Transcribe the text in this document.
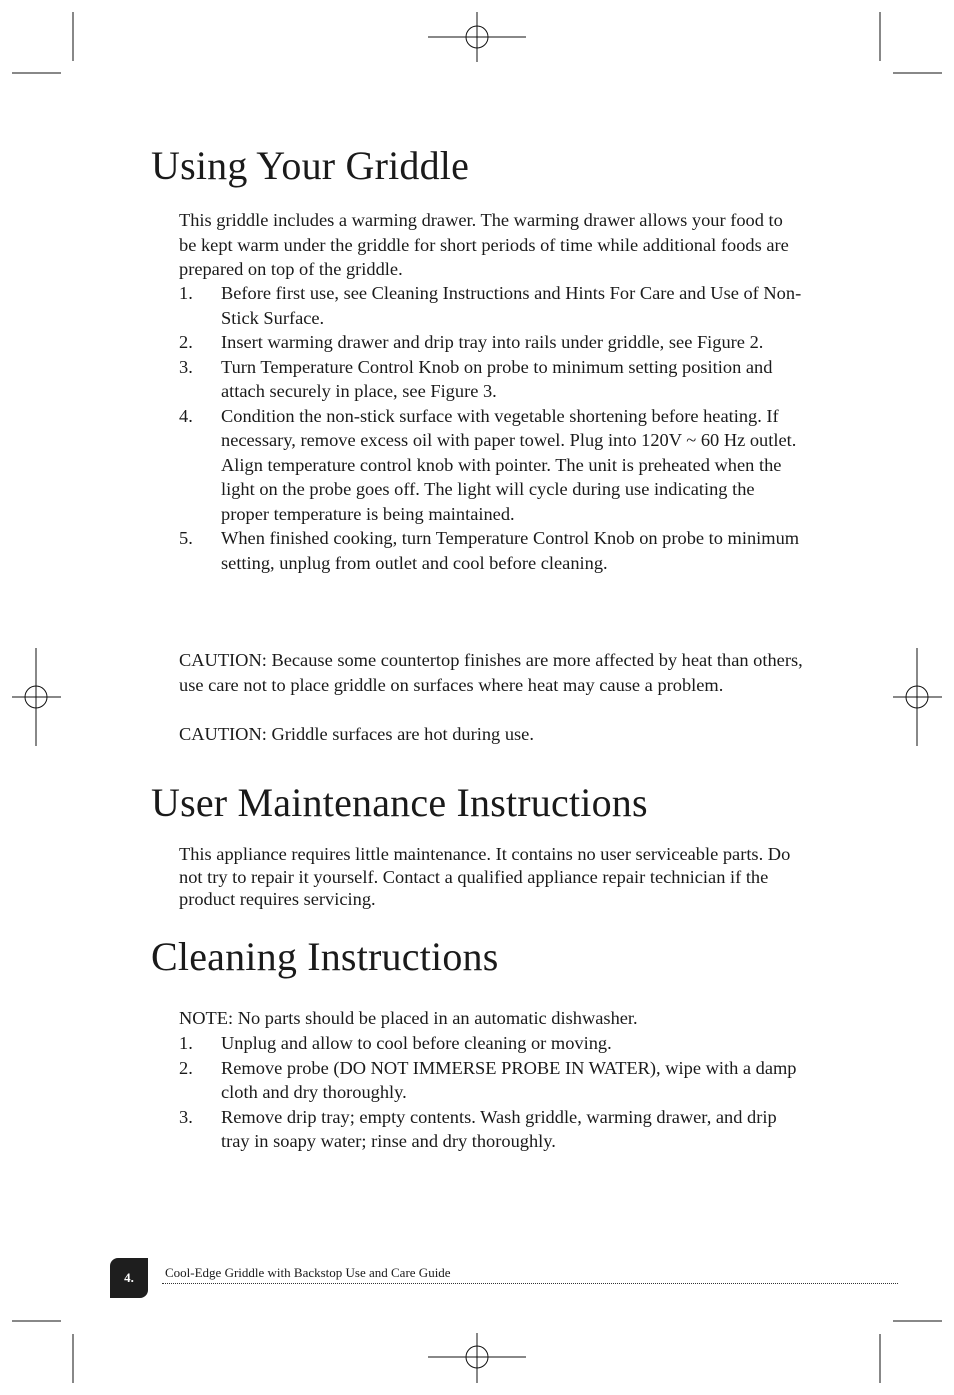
Using Your Griddle

This griddle includes a warming drawer. The warming drawer allows your food to be kept warm under the griddle for short periods of time while additional foods are prepared on top of the griddle.

1. Before first use, see Cleaning Instructions and Hints For Care and Use of Non-Stick Surface.
2. Insert warming drawer and drip tray into rails under griddle, see Figure 2.
3. Turn Temperature Control Knob on probe to minimum setting position and attach securely in place, see Figure 3.
4. Condition the non-stick surface with vegetable shortening before heating. If necessary, remove excess oil with paper towel. Plug into 120V ~ 60 Hz outlet. Align temperature control knob with pointer. The unit is preheated when the light on the probe goes off. The light will cycle during use indicating the proper temperature is being maintained.
5. When finished cooking, turn Temperature Control Knob on probe to minimum setting, unplug from outlet and cool before cleaning.

CAUTION: Because some countertop finishes are more affected by heat than others, use care not to place griddle on surfaces where heat may cause a problem.

CAUTION: Griddle surfaces are hot during use.

User Maintenance Instructions

This appliance requires little maintenance. It contains no user serviceable parts. Do not try to repair it yourself. Contact a qualified appliance repair technician if the product requires servicing.

Cleaning Instructions

NOTE: No parts should be placed in an automatic dishwasher.

1. Unplug and allow to cool before cleaning or moving.
2. Remove probe (DO NOT IMMERSE PROBE IN WATER), wipe with a damp cloth and dry thoroughly.
3. Remove drip tray; empty contents. Wash griddle, warming drawer, and drip tray in soapy water; rinse and dry thoroughly.
4.	Cool-Edge Griddle with Backstop Use and Care Guide
